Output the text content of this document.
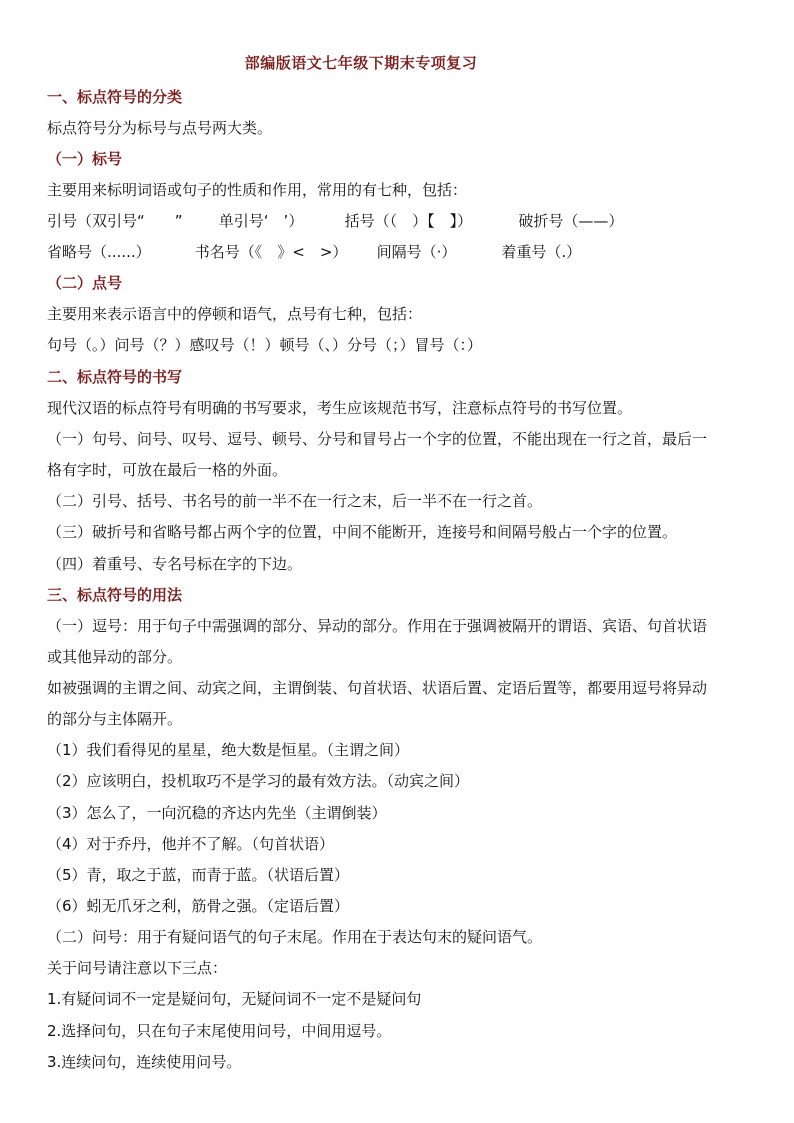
部编版语文七年级下期末专项复习
一、标点符号的分类
标点符号分为标号与点号两大类。
（一）标号
主要用来标明词语或句子的性质和作用，常用的有七种，包括：
引号（双引号“　　” 单引号‘　’）	括号（（　）【　】）	破折号（——）
省略号（......）	书名号（《　》<　>） 间隔号（·）	着重号（.）
（二）点号
主要用来表示语言中的停顿和语气，点号有七种，包括：
句号（。）问号（？）感叹号（！）顿号（、）分号（；）冒号（：）
二、标点符号的书写
现代汉语的标点符号有明确的书写要求，考生应该规范书写，注意标点符号的书写位置。
（一）句号、问号、叹号、逗号、顿号、分号和冒号占一个字的位置，不能出现在一行之首，最后一
格有字时，可放在最后一格的外面。
（二）引号、括号、书名号的前一半不在一行之末，后一半不在一行之首。
（三）破折号和省略号都占两个字的位置，中间不能断开，连接号和间隔号般占一个字的位置。
（四）着重号、专名号标在字的下边。
三、标点符号的用法
（一）逗号：用于句子中需强调的部分、异动的部分。作用在于强调被隔开的谓语、宾语、句首状语
或其他异动的部分。
如被强调的主谓之间、动宾之间，主谓倒装、句首状语、状语后置、定语后置等，都要用逗号将异动
的部分与主体隔开。
（1）我们看得见的星星，绝大数是恒星。（主谓之间）
（2）应该明白，投机取巧不是学习的最有效方法。（动宾之间）
（3）怎么了，一向沉稳的齐达内先坐（主谓倒装）
（4）对于乔丹，他并不了解。（句首状语）
（5）青，取之于蓝，而青于蓝。（状语后置）
（6）蚓无爪牙之利，筋骨之强。（定语后置）
（二）问号：用于有疑问语气的句子末尾。作用在于表达句末的疑问语气。
关于问号请注意以下三点：
1.有疑问词不一定是疑问句，无疑问词不一定不是疑问句
2.选择问句，只在句子末尾使用问号，中间用逗号。
3.连续问句，连续使用问号。
